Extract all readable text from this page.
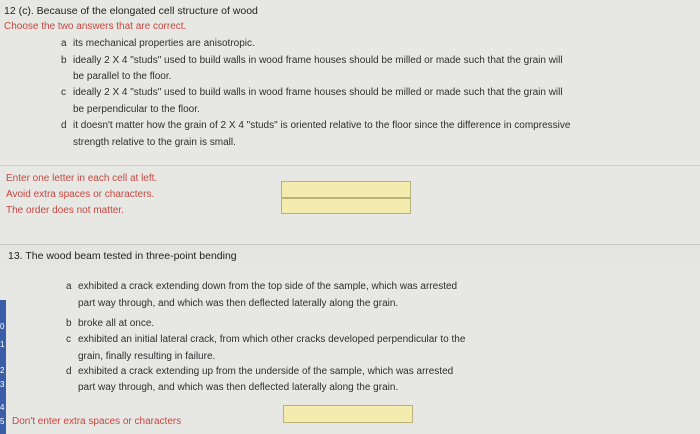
12 (c). Because of the elongated cell structure of wood
Choose the two answers that are correct.
a its mechanical properties are anisotropic.
b ideally 2 X 4 "studs" used to build walls in wood frame houses should be milled or made such that the grain will
be parallel to the floor.
c ideally 2 X 4 "studs" used to build walls in wood frame houses should be milled or made such that the grain will
be perpendicular to the floor.
d it doesn't matter how the grain of 2 X 4 "studs" is oriented relative to the floor since the difference in compressive
strength relative to the grain is small.
Enter one letter in each cell at left.
Avoid extra spaces or characters.
The order does not matter.
13. The wood beam tested in three-point bending
0
1
2
3
4
5
a exhibited a crack extending down from the top side of the sample, which was arrested
part way through, and which was then deflected laterally along the grain.
b broke all at once.
c exhibited an initial lateral crack, from which other cracks developed perpendicular to the
grain, finally resulting in failure.
d exhibited a crack extending up from the underside of the sample, which was arrested
part way through, and which was then deflected laterally along the grain.
Don't enter extra spaces or characters
